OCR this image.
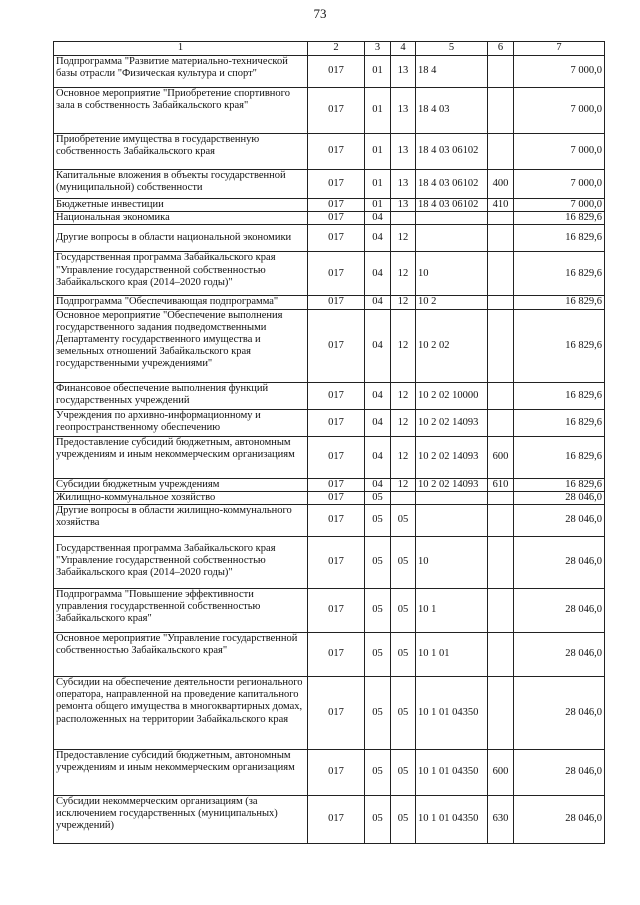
73
1	2	3	4	5	6	7
Подпрограмма "Развитие материально-технической базы отрасли "Физическая культура и спорт"	017	01	13	18 4		7 000,0
Основное мероприятие "Приобретение спортивного зала в собственность Забайкальского края"	017	01	13	18 4 03		7 000,0
Приобретение имущества в государственную собственность Забайкальского края	017	01	13	18 4 03 06102		7 000,0
Капитальные вложения в объекты государственной (муниципальной) собственности	017	01	13	18 4 03 06102	400	7 000,0
Бюджетные инвестиции	017	01	13	18 4 03 06102	410	7 000,0
Национальная экономика	017	04				16 829,6
Другие вопросы в области национальной экономики	017	04	12			16 829,6
Государственная программа Забайкальского края "Управление государственной собственностью Забайкальского края (2014–2020 годы)"	017	04	12	10		16 829,6
Подпрограмма "Обеспечивающая подпрограмма"	017	04	12	10 2		16 829,6
Основное мероприятие "Обеспечение выполнения государственного задания подведомственными Департаменту государственного имущества и земельных отношений Забайкальского края государственными учреждениями"	017	04	12	10 2 02		16 829,6
Финансовое обеспечение выполнения функций государственных учреждений	017	04	12	10 2 02 10000		16 829,6
Учреждения по архивно-информационному и геопространственному обеспечению	017	04	12	10 2 02 14093		16 829,6
Предоставление субсидий бюджетным, автономным учреждениям и иным некоммерческим организациям	017	04	12	10 2 02 14093	600	16 829,6
Субсидии бюджетным учреждениям	017	04	12	10 2 02 14093	610	16 829,6
Жилищно-коммунальное хозяйство	017	05				28 046,0
Другие вопросы в области жилищно-коммунального хозяйства	017	05	05			28 046,0
Государственная программа Забайкальского края "Управление государственной собственностью Забайкальского края (2014–2020 годы)"	017	05	05	10		28 046,0
Подпрограмма "Повышение эффективности управления государственной собственностью Забайкальского края"	017	05	05	10 1		28 046,0
Основное мероприятие "Управление государственной собственностью Забайкальского края"	017	05	05	10 1 01		28 046,0
Субсидии на обеспечение деятельности регионального оператора, направленной на проведение капитального ремонта общего имущества в многоквартирных домах, расположенных на территории Забайкальского края	017	05	05	10 1 01 04350		28 046,0
Предоставление субсидий бюджетным, автономным учреждениям и иным некоммерческим организациям	017	05	05	10 1 01 04350	600	28 046,0
Субсидии некоммерческим организациям (за исключением государственных (муниципальных) учреждений)	017	05	05	10 1 01 04350	630	28 046,0
